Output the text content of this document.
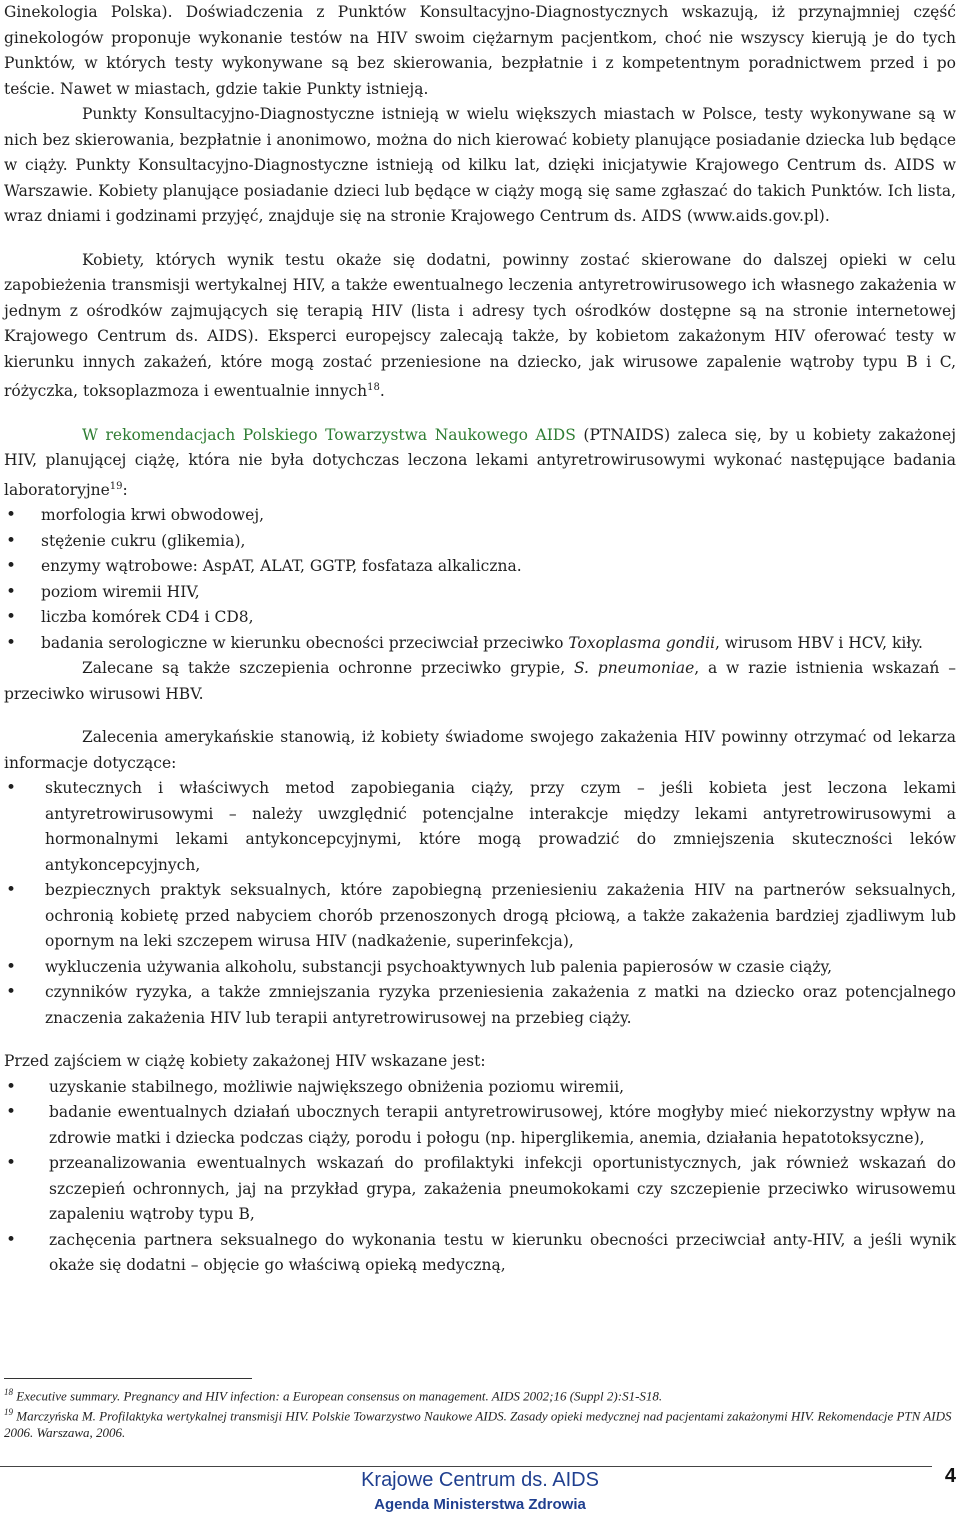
Ginekologia Polska). Doświadczenia z Punktów Konsultacyjno-Diagnostycznych wskazują, iż przynajmniej część ginekologów proponuje wykonanie testów na HIV swoim ciężarnym pacjentkom, choć nie wszyscy kierują je do tych Punktów, w których testy wykonywane są bez skierowania, bezpłatnie i z kompetentnym poradnictwem przed i po teście. Nawet w miastach, gdzie takie Punkty istnieją.

Punkty Konsultacyjno-Diagnostyczne istnieją w wielu większych miastach w Polsce, testy wykonywane są w nich bez skierowania, bezpłatnie i anonimowo, można do nich kierować kobiety planujące posiadanie dziecka lub będące w ciąży. Punkty Konsultacyjno-Diagnostyczne istnieją od kilku lat, dzięki inicjatywie Krajowego Centrum ds. AIDS w Warszawie. Kobiety planujące posiadanie dzieci lub będące w ciąży mogą się same zgłaszać do takich Punktów. Ich lista, wraz dniami i godzinami przyjęć, znajduje się na stronie Krajowego Centrum ds. AIDS (www.aids.gov.pl).

Kobiety, których wynik testu okaże się dodatni, powinny zostać skierowane do dalszej opieki w celu zapobieżenia transmisji wertykalnej HIV, a także ewentualnego leczenia antyretrowirusowego ich własnego zakażenia w jednym z ośrodków zajmujących się terapią HIV (lista i adresy tych ośrodków dostępne są na stronie internetowej Krajowego Centrum ds. AIDS). Eksperci europejscy zalecają także, by kobietom zakażonym HIV oferować testy w kierunku innych zakażeń, które mogą zostać przeniesione na dziecko, jak wirusowe zapalenie wątroby typu B i C, różyczka, toksoplazmoza i ewentualnie innych$^{18}$.

W rekomendacjach Polskiego Towarzystwa Naukowego AIDS (PTNAIDS) zaleca się, by u kobiety zakażonej HIV, planującej ciążę, która nie była dotychczas leczona lekami antyretrowirusowymi wykonać następujące badania laboratoryjne$^{19}$:

• morfologia krwi obwodowej,
• stężenie cukru (glikemia),
• enzymy wątrobowe: AspAT, ALAT, GGTP, fosfataza alkaliczna.
• poziom wiremii HIV,
• liczba komórek CD4 i CD8,
• badania serologiczne w kierunku obecności przeciwciał przeciwko Toxoplasma gondii, wirusom HBV i HCV, kiły.

Zalecane są także szczepienia ochronne przeciwko grypie, S. pneumoniae, a w razie istnienia wskazań – przeciwko wirusowi HBV.

Zalecenia amerykańskie stanowią, iż kobiety świadome swojego zakażenia HIV powinny otrzymać od lekarza informacje dotyczące:

• skutecznych i właściwych metod zapobiegania ciąży, przy czym – jeśli kobieta jest leczona lekami antyretrowirusowymi – należy uwzględnić potencjalne interakcje między lekami antyretrowirusowymi a hormonalnymi lekami antykoncepcyjnymi, które mogą prowadzić do zmniejszenia skuteczności leków antykoncepcyjnych,
• bezpiecznych praktyk seksualnych, które zapobiegną przeniesieniu zakażenia HIV na partnerów seksualnych, ochronią kobietę przed nabyciem chorób przenoszonych drogą płciową, a także zakażenia bardziej zjadliwym lub opornym na leki szczepem wirusa HIV (nadkażenie, superinfekcja),
• wykluczenia używania alkoholu, substancji psychoaktywnych lub palenia papierosów w czasie ciąży,
• czynników ryzyka, a także zmniejszania ryzyka przeniesienia zakażenia z matki na dziecko oraz potencjalnego znaczenia zakażenia HIV lub terapii antyretrowirusowej na przebieg ciąży.

Przed zajściem w ciążę kobiety zakażonej HIV wskazane jest:

• uzyskanie stabilnego, możliwie największego obniżenia poziomu wiremii,
• badanie ewentualnych działań ubocznych terapii antyretrowirusowej, które mogłyby mieć niekorzystny wpływ na zdrowie matki i dziecka podczas ciąży, porodu i połogu (np. hiperglikemia, anemia, działania hepatotoksyczne),
• przeanalizowania ewentualnych wskazań do profilaktyki infekcji oportunistycznych, jak również wskazań do szczepień ochronnych, jaj na przykład grypa, zakażenia pneumokokami czy szczepienie przeciwko wirusowemu zapaleniu wątroby typu B,
• zachęcenia partnera seksualnego do wykonania testu w kierunku obecności przeciwciał anty-HIV, a jeśli wynik okaże się dodatni – objęcie go właściwą opieką medyczną,
$^{18}$ Executive summary. Pregnancy and HIV infection: a European consensus on management. AIDS 2002;16 (Suppl 2):S1-S18.
$^{19}$ Marczyńska M. Profilaktyka wertykalnej transmisji HIV. Polskie Towarzystwo Naukowe AIDS. Zasady opieki medycznej nad pacjentami zakażonymi HIV. Rekomendacje PTN AIDS 2006. Warszawa, 2006.
Krajowe Centrum ds. AIDS
Agenda Ministerstwa Zdrowia
4
